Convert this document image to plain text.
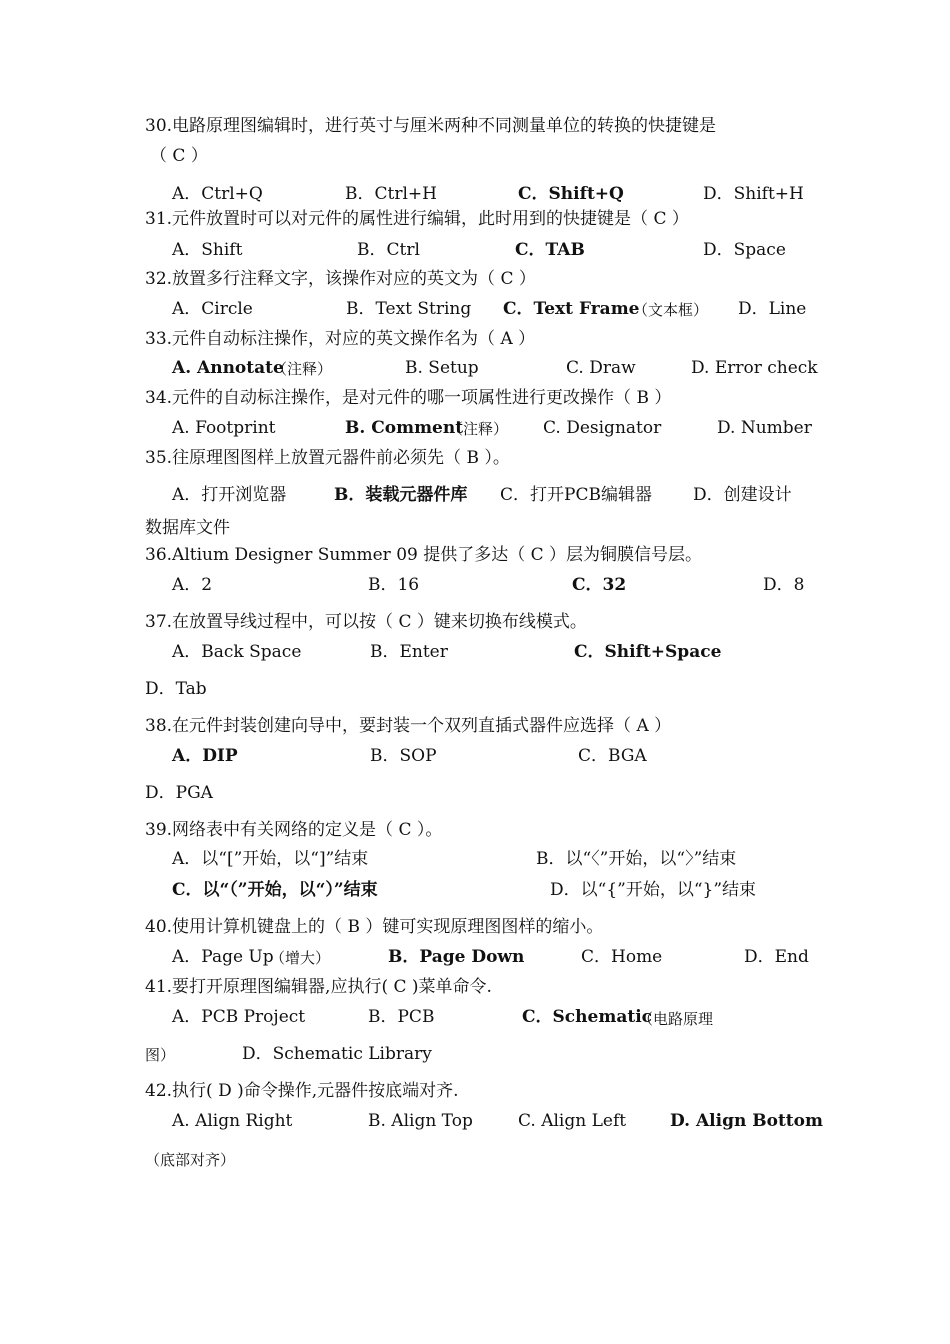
30.电路原理图编辑时，进行英寸与厘米两种不同测量单位的转换的快捷键是
（ C ）
A．Ctrl+Q	B．Ctrl+H	C．Shift+Q	D．Shift+H
31.元件放置时可以对元件的属性进行编辑，此时用到的快捷键是（ C ）
A．Shift	B．Ctrl	C．TAB	D．Space
32.放置多行注释文字，该操作对应的英文为（ C ）
A．Circle	B．Text String C．Text Frame
（文本框） D．Line
33.元件自动标注操作，对应的英文操作名为（ A ）
A. Annotate
（注释）	B. Setup	C. Draw	D. Error check
34.元件的自动标注操作，是对元件的哪一项属性进行更改操作（ B ）
A. Footprint	B. Comment
（注释） C. Designator	D. Number
35.往原理图图样上放置元器件前必须先（ B ）。
A．打开浏览器	B．装载元器件库 C．打开PCB编辑器 D．创建设计
数据库文件
36.Altium Designer Summer 09 提供了多达（ C ）层为铜膜信号层。
A．2	B．16	C．32	D．8
37.在放置导线过程中，可以按（ C ）键来切换布线模式。
A．Back Space	B．Enter	C．Shift+Space
D．Tab
38.在元件封装创建向导中，要封装一个双列直插式器件应选择（ A ）
A．DIP	B．SOP	C．BGA
D．PGA
39.网络表中有关网络的定义是（ C ）。
A．以“[”开始，以“]”结束	B．以“〈”开始，以“〉”结束
C．以“（”开始，以“）”结束	D．以“{”开始，以“}”结束
40.使用计算机键盘上的（ B ）键可实现原理图图样的缩小。
A．Page Up
（增大）	B．Page Down	C．Home	D．End
41.要打开原理图编辑器,应执行( C )菜单命令.
A．PCB Project	B．PCB	C．Schematic
（电路原理
图）	D．Schematic Library
42.执行( D )命令操作,元器件按底端对齐.
A. Align Right	B. Align Top	C. Align Left	D. Align Bottom
（底部对齐）
